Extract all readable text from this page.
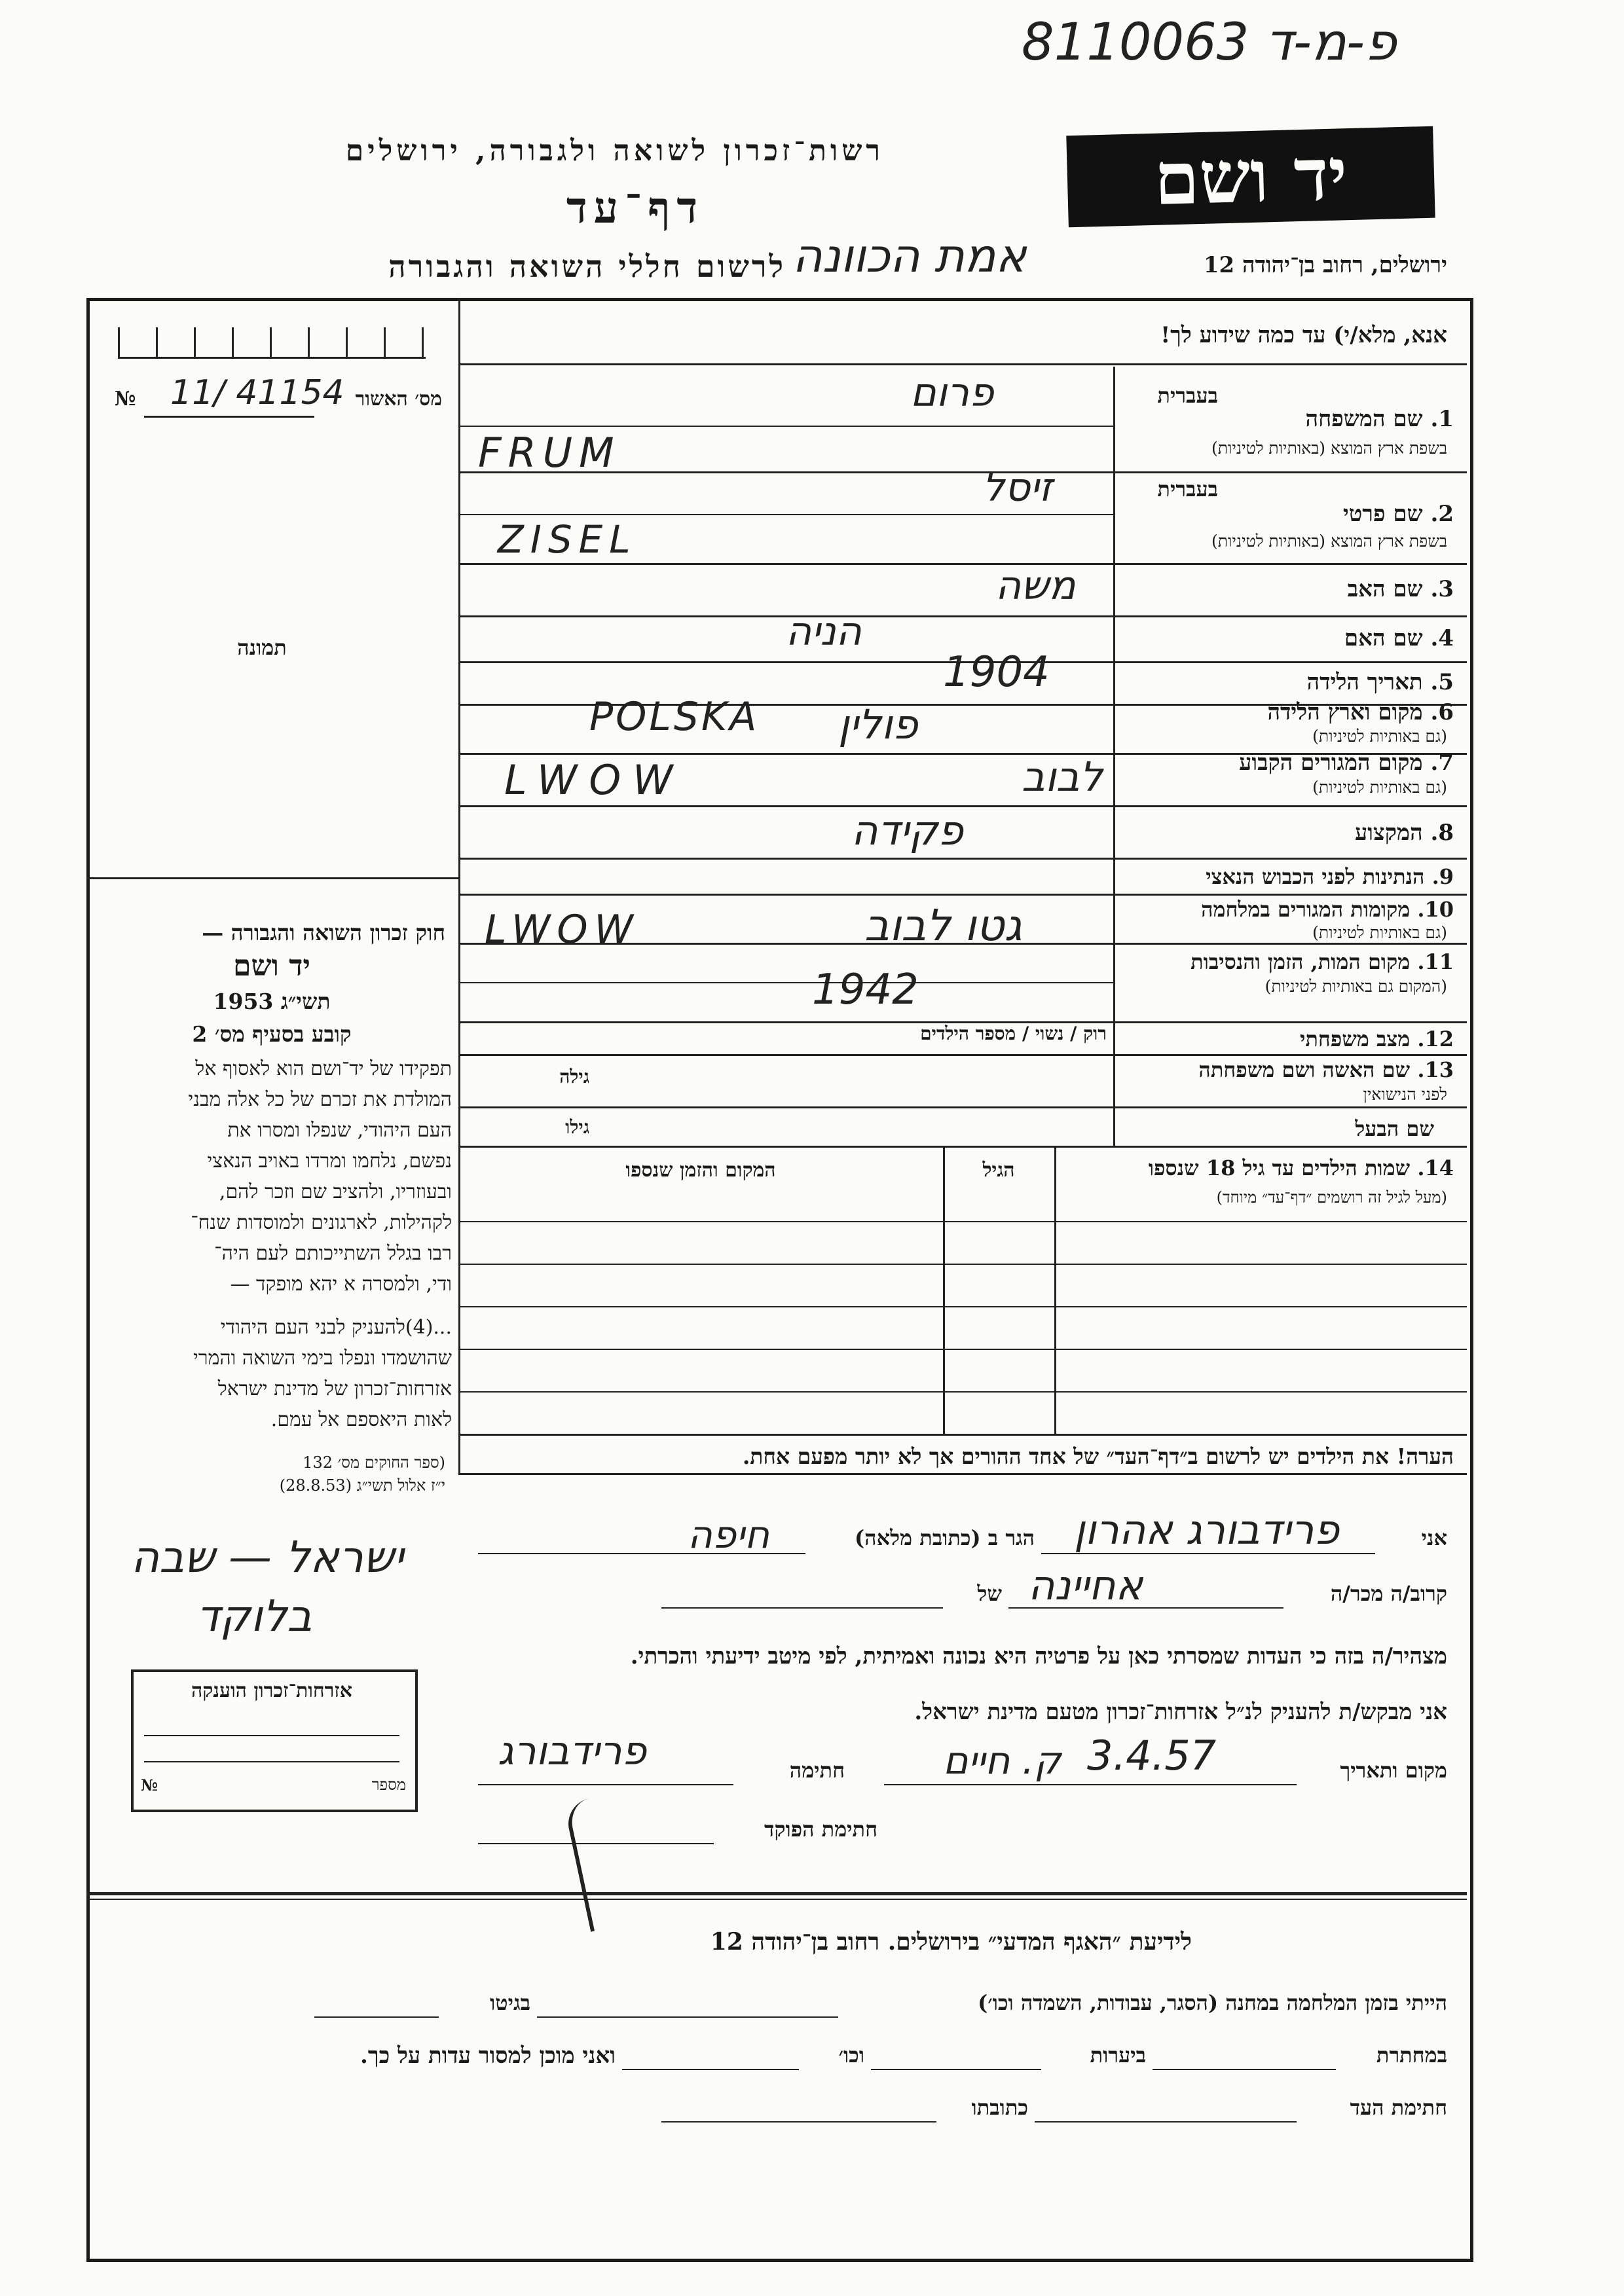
פ-מ-ד 8110063
יד ושם
רשות־זכרון לשואה ולגבורה, ירושלים
דף־עד
ירושלים, רחוב בן־יהודה 12
אמת הכוונה
לרשום חללי השואה והגבורה
אנא, מלא/י) עד כמה שידוע לך!
מס׳ האשור
№ 11/ 41154
תמונה
חוק זכרון השואה והגבורה —
יד ושם
תשי״ג 1953
קובע בסעיף מס׳ 2
תפקידו של יד־ושם הוא לאסוף אל
המולדת את זכרם של כל אלה מבני
העם היהודי, שנפלו ומסרו את
נפשם, נלחמו ומרדו באויב הנאצי
ובעוזריו, ולהציב שם וזכר להם,
לקהילות, לארגונים ולמוסדות שנח־
רבו בגלל השתייכותם לעם היה־
ודי, ולמסרה א יהא מופקד —
...(4)להעניק לבני העם היהודי
שהושמדו ונפלו בימי השואה והמרי
אזרחות־זכרון של מדינת ישראל
לאות היאספם אל עמם.
(ספר החוקים מס׳ 132
י״ז אלול תשי״ג (28.8.53)
ישראל — שבה
בלוקד
אזרחות־זכרון הוענקה
מספר
№
בעברית
1. שם המשפחה
בשפת ארץ המוצא (באותיות לטיניות)
פרום
FRUM
בעברית
2. שם פרטי
בשפת ארץ המוצא (באותיות לטיניות)
זיסל
ZISEL
3. שם האב
משה
4. שם האם
הניה
5. תאריך הלידה
1904
6. מקום וארץ הלידה
(גם באותיות לטיניות)
פולין
POLSKA
7. מקום המגורים הקבוע
(גם באותיות לטיניות)
לבוב
LWOW
8. המקצוע
פקידה
9. הנתינות לפני הכבוש הנאצי
10. מקומות המגורים במלחמה
(גם באותיות לטיניות)
11. מקום המות, הזמן והנסיבות
(המקום גם באותיות לטיניות)
גטו לבוב
LWOW
1942
12. מצב משפחתי
רוק / נשוי / מספר הילדים
13. שם האשה ושם משפחתה
לפני הנישואין
גילה
שם הבעל
גילו
14. שמות הילדים עד גיל 18 שנספו
(מעל לגיל זה רושמים ״דף־עד״ מיוחד)
הגיל
המקום והזמן שנספו
הערה! את הילדים יש לרשום ב״דף־העד״ של אחד ההורים אך לא יותר מפעם אחת.
אני
פרידבורג אהרון
הגר ב (כתובת מלאה)
חיפה
קרוב/ה מכר/ה
אחיינה
של
מצהיר/ה בזה כי העדות שמסרתי כאן על פרטיה היא נכונה ואמיתית, לפי מיטב ידיעתי והכרתי.
אני מבקש/ת להעניק לנ״ל אזרחות־זכרון מטעם מדינת ישראל.
מקום ותאריך
ק. חיים 3.4.57
חתימה
פרידבורג
חתימת הפוקד
לידיעת ״האגף המדעי״ בירושלים. רחוב בן־יהודה 12
הייתי בזמן המלחמה במחנה (הסגר, עבודות, השמדה וכו׳)
בגיטו
במחתרת
ביערות
וכו׳
ואני מוכן למסור עדות על כך.
חתימת העד
כתובתו
